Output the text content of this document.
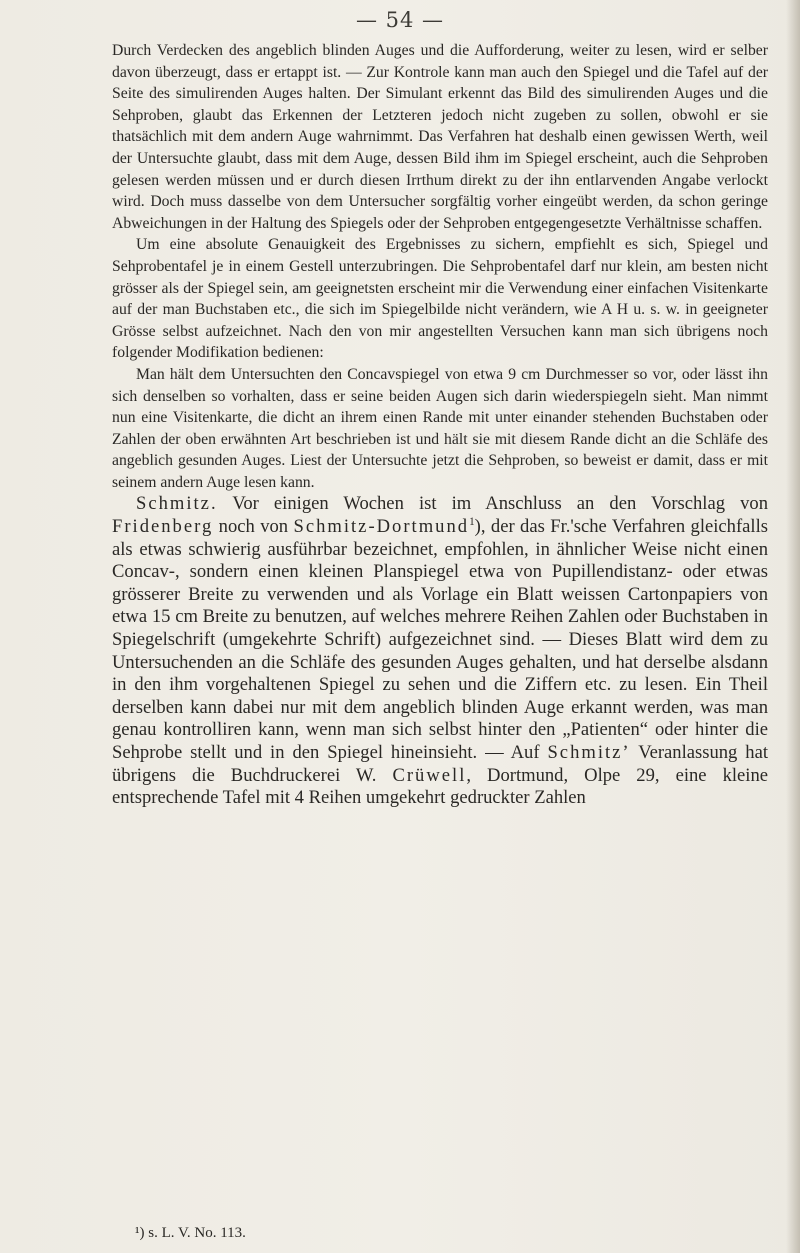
— 54 —

Durch Verdecken des angeblich blinden Auges und die Aufforderung, weiter zu lesen, wird er selber davon überzeugt, dass er ertappt ist. — Zur Kontrole kann man auch den Spiegel und die Tafel auf der Seite des simulirenden Auges halten. Der Simulant erkennt das Bild des simulirenden Auges und die Sehproben, glaubt das Erkennen der Letzteren jedoch nicht zugeben zu sollen, obwohl er sie thatsächlich mit dem andern Auge wahrnimmt. Das Verfahren hat deshalb einen gewissen Werth, weil der Untersuchte glaubt, dass mit dem Auge, dessen Bild ihm im Spiegel erscheint, auch die Sehproben gelesen werden müssen und er durch diesen Irrthum direkt zu der ihn entlarvenden Angabe verlockt wird. Doch muss dasselbe von dem Untersucher sorgfältig vorher eingeübt werden, da schon geringe Abweichungen in der Haltung des Spiegels oder der Sehproben entgegengesetzte Verhältnisse schaffen.

Um eine absolute Genauigkeit des Ergebnisses zu sichern, empfiehlt es sich, Spiegel und Sehprobentafel je in einem Gestell unterzubringen. Die Sehprobentafel darf nur klein, am besten nicht grösser als der Spiegel sein, am geeignetsten erscheint mir die Verwendung einer einfachen Visitenkarte auf der man Buchstaben etc., die sich im Spiegelbilde nicht verändern, wie A H u. s. w. in geeigneter Grösse selbst aufzeichnet. Nach den von mir angestellten Versuchen kann man sich übrigens noch folgender Modifikation bedienen:

Man hält dem Untersuchten den Concavspiegel von etwa 9 cm Durchmesser so vor, oder lässt ihn sich denselben so vorhalten, dass er seine beiden Augen sich darin wiederspiegeln sieht. Man nimmt nun eine Visitenkarte, die dicht an ihrem einen Rande mit unter einander stehenden Buchstaben oder Zahlen der oben erwähnten Art beschrieben ist und hält sie mit diesem Rande dicht an die Schläfe des angeblich gesunden Auges. Liest der Untersuchte jetzt die Sehproben, so beweist er damit, dass er mit seinem andern Auge lesen kann.

Schmitz. Vor einigen Wochen ist im Anschluss an den Vorschlag von Fridenberg noch von Schmitz-Dortmund$^1$), der das Fr.'sche Verfahren gleichfalls als etwas schwierig ausführbar bezeichnet, empfohlen, in ähnlicher Weise nicht einen Concav-, sondern einen kleinen Planspiegel etwa von Pupillendistanz- oder etwas grösserer Breite zu verwenden und als Vorlage ein Blatt weissen Cartonpapiers von etwa 15 cm Breite zu benutzen, auf welches mehrere Reihen Zahlen oder Buchstaben in Spiegelschrift (umgekehrte Schrift) aufgezeichnet sind. — Dieses Blatt wird dem zu Untersuchenden an die Schläfe des gesunden Auges gehalten, und hat derselbe alsdann in den ihm vorgehaltenen Spiegel zu sehen und die Ziffern etc. zu lesen. Ein Theil derselben kann dabei nur mit dem angeblich blinden Auge erkannt werden, was man genau kontrolliren kann, wenn man sich selbst hinter den „Patienten“ oder hinter die Sehprobe stellt und in den Spiegel hineinsieht. — Auf Schmitz’ Veranlassung hat übrigens die Buchdruckerei W. Crüwell, Dortmund, Olpe 29, eine kleine entsprechende Tafel mit 4 Reihen umgekehrt gedruckter Zahlen

¹) s. L. V. No. 113.
